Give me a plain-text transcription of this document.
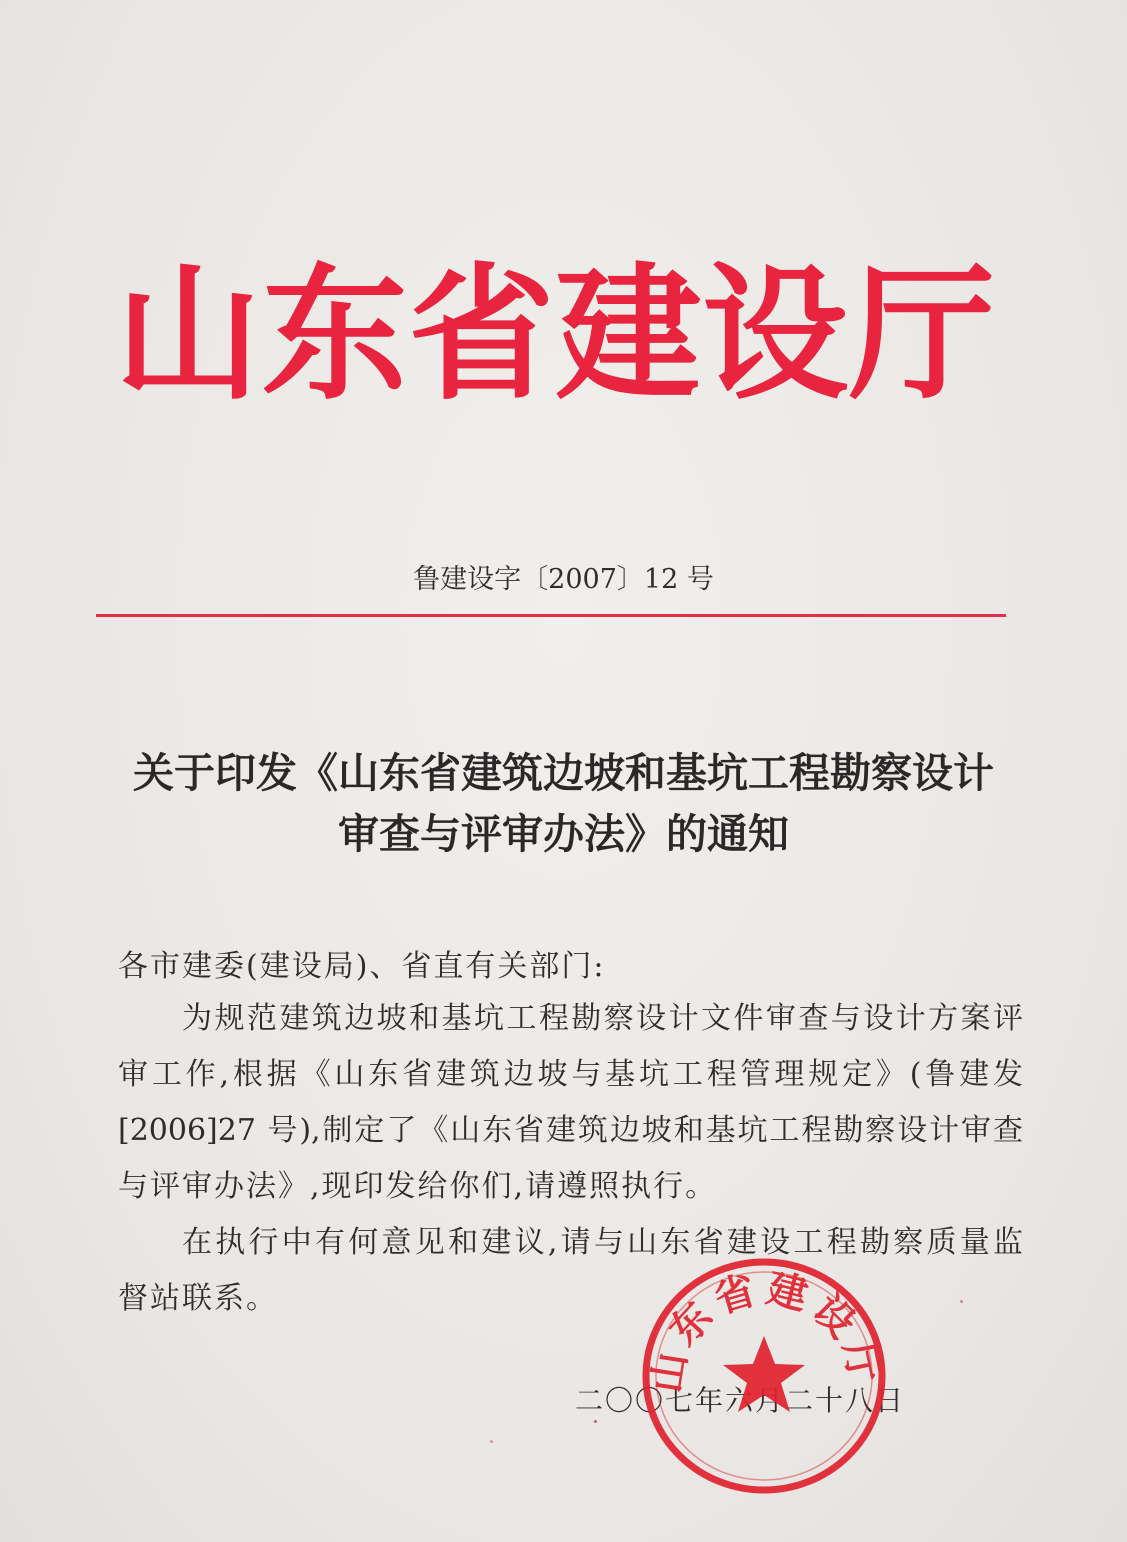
山 东 省 建 设 厅
鲁建设字〔2007〕12 号
关于印发《山东省建筑边坡和基坑工程勘察设计
审查与评审办法》的通知
各市建委(建设局)、省直有关部门:
为规范建筑边坡和基坑工程勘察设计文件审查与设计方案评
审工作,根据《山东省建筑边坡与基坑工程管理规定》(鲁建发
[2006]27 号),制定了《山东省建筑边坡和基坑工程勘察设计审查
与评审办法》,现印发给你们,请遵照执行。
在执行中有何意见和建议,请与山东省建设工程勘察质量监
督站联系。
二〇〇七年六月二十八日
山东省建设厅
